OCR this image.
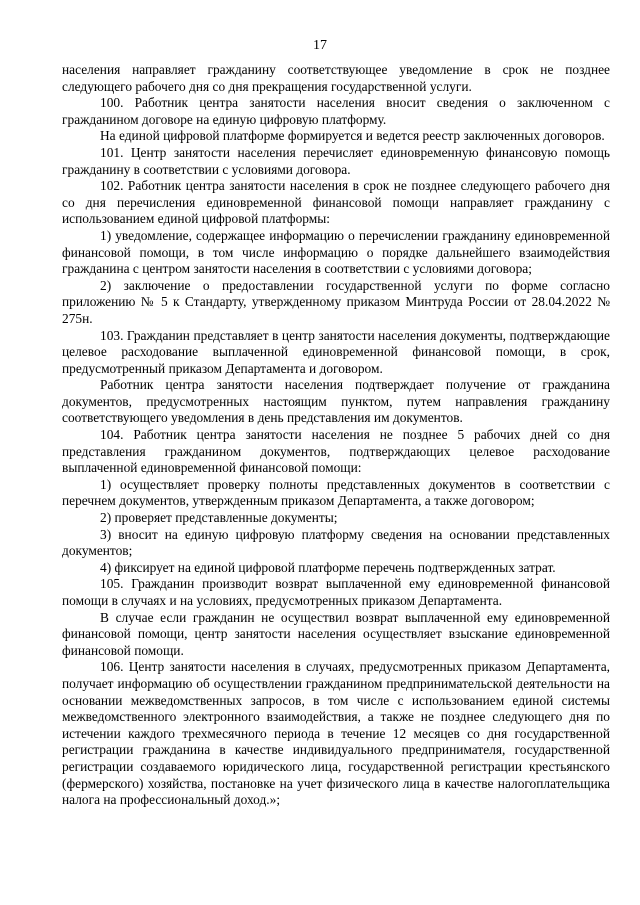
17

населения направляет гражданину соответствующее уведомление в срок не позднее следующего рабочего дня со дня прекращения государственной услуги.

100. Работник центра занятости населения вносит сведения о заключенном с гражданином договоре на единую цифровую платформу.

На единой цифровой платформе формируется и ведется реестр заключенных договоров.

101. Центр занятости населения перечисляет единовременную финансовую помощь гражданину в соответствии с условиями договора.

102. Работник центра занятости населения в срок не позднее следующего рабочего дня со дня перечисления единовременной финансовой помощи направляет гражданину с использованием единой цифровой платформы:

1) уведомление, содержащее информацию о перечислении гражданину единовременной финансовой помощи, в том числе информацию о порядке дальнейшего взаимодействия гражданина с центром занятости населения в соответствии с условиями договора;

2) заключение о предоставлении государственной услуги по форме согласно приложению № 5 к Стандарту, утвержденному приказом Минтруда России от 28.04.2022 № 275н.

103. Гражданин представляет в центр занятости населения документы, подтверждающие целевое расходование выплаченной единовременной финансовой помощи, в срок, предусмотренный приказом Департамента и договором.

Работник центра занятости населения подтверждает получение от гражданина документов, предусмотренных настоящим пунктом, путем направления гражданину соответствующего уведомления в день представления им документов.

104. Работник центра занятости населения не позднее 5 рабочих дней со дня представления гражданином документов, подтверждающих целевое расходование выплаченной единовременной финансовой помощи:

1) осуществляет проверку полноты представленных документов в соответствии с перечнем документов, утвержденным приказом Департамента, а также договором;

2) проверяет представленные документы;

3) вносит на единую цифровую платформу сведения на основании представленных документов;

4) фиксирует на единой цифровой платформе перечень подтвержденных затрат.

105. Гражданин производит возврат выплаченной ему единовременной финансовой помощи в случаях и на условиях, предусмотренных приказом Департамента.

В случае если гражданин не осуществил возврат выплаченной ему единовременной финансовой помощи, центр занятости населения осуществляет взыскание единовременной финансовой помощи.

106. Центр занятости населения в случаях, предусмотренных приказом Департамента, получает информацию об осуществлении гражданином предпринимательской деятельности на основании межведомственных запросов, в том числе с использованием единой системы межведомственного электронного взаимодействия, а также не позднее следующего дня по истечении каждого трехмесячного периода в течение 12 месяцев со дня государственной регистрации гражданина в качестве индивидуального предпринимателя, государственной регистрации создаваемого юридического лица, государственной регистрации крестьянского (фермерского) хозяйства, постановке на учет физического лица в качестве налогоплательщика налога на профессиональный доход.»;
